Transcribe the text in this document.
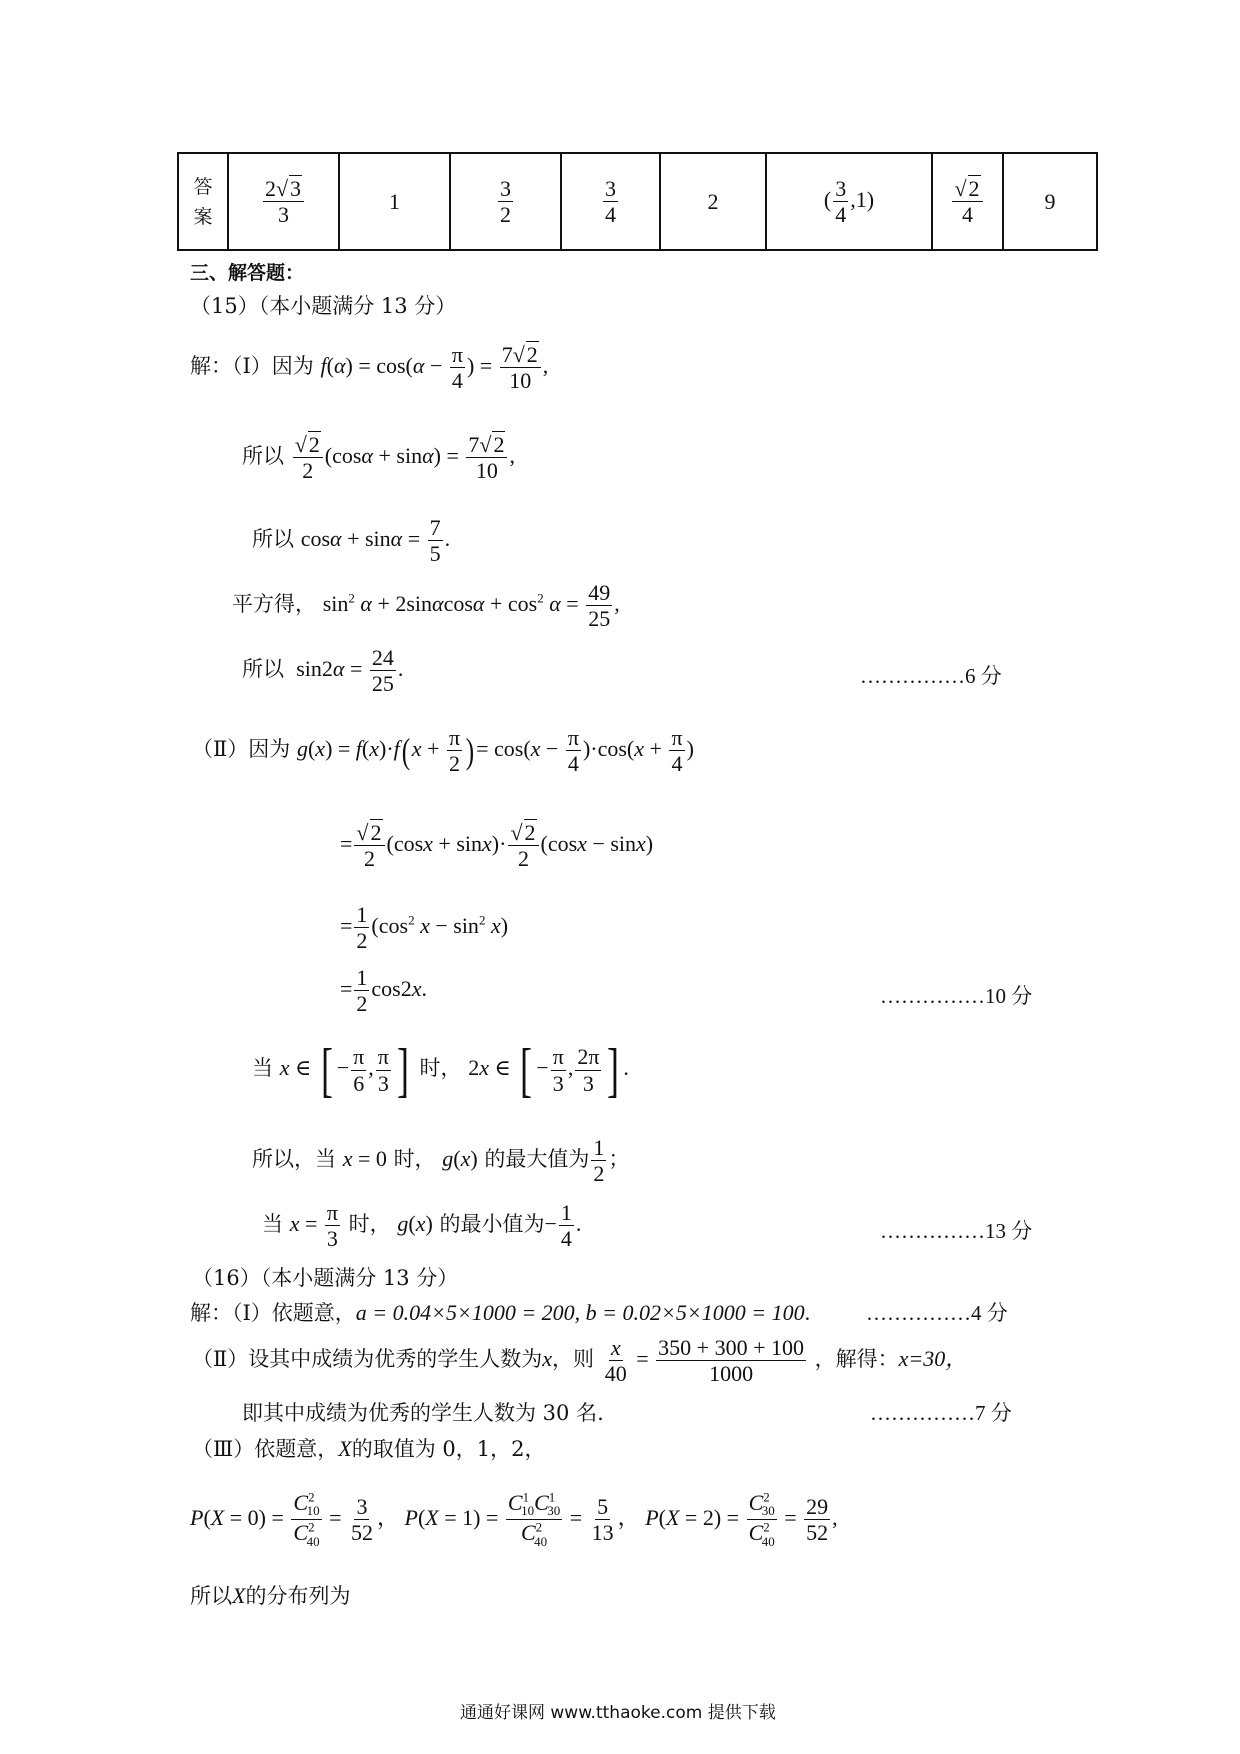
答
案	$\frac{2√3}{3}$	1	$\frac{3}{2}$	$\frac{3}{4}$	2	( $\frac{3}{4} ,1$)	$\frac{√2}{4}$	9
三、解答题：
（15）（本小题满分 13 分）
解：（Ⅰ）因为 $f(\alpha) = \cos(\alpha - \frac{\pi}{4}$ ) = $\frac{7√2}{10}$ ,
所以 $\frac{√2}{2} (\cos\alpha + \sin\alpha) = \frac{7√2}{10}$ ,
所以 $\cos\alpha + \sin\alpha = \frac{7}{5}$ .
平方得， $\sin^2 \alpha + 2\sin\alpha\cos\alpha + \cos^2 \alpha = \frac{49}{25}$ ,
所以  $\sin 2\alpha = \frac{24}{25}$ .	……………6 分
（Ⅱ）因为 $g(x) = f(x)\cdot f(x + \frac{\pi}{2}$ )= $\cos(x - \frac{\pi}{4} )\cdot\cos(x + \frac{\pi}{4}$ )
= $\frac{√2}{2} (\cos x + \sin x)\cdot \frac{√2}{2} (\cos x - \sin x)$
= $\frac{1}{2} (\cos^2$ $x - \sin^2 x$)
= $\frac{1}{2} \cos 2x$.	……………10 分
当 x ∈ [ − $\frac{\pi}{6}$ , $\frac{\pi}{3}$ ] 时， 2x ∈ [ − $\frac{\pi}{3}$ , $\frac{2\pi}{3}$ ] .
所以，当 x = 0 时， g(x) 的最大值为 $\frac{1}{2}$ ；
当 $x = \frac{\pi}{3}$ 时， g(x) 的最小值为− $\frac{1}{4}$ .	……………13 分
（16）（本小题满分 13 分）
解：（Ⅰ）依题意，a = 0.04×5×1000 = 200, b = 0.02×5×1000 = 100.	……………4 分
（Ⅱ）设其中成绩为优秀的学生人数为x，则 $\frac{x}{40} = \frac{350 + 300 + 100}{1000}$ ，解得：x=30，
即其中成绩为优秀的学生人数为 30 名.	……………7 分
（Ⅲ）依题意，X的取值为 0，1，2，
$P(X = 0) = \frac{C^2_{10}}{C^2_{40}} = \frac{3}{52}$ ， $P(X = 1) = \frac{C^1_{10}C^1_{30}}{C^2_{40}} = \frac{5}{13}$ ， $P(X = 2) = \frac{C^2_{30}}{C^2_{40}} = \frac{29}{52}$ ,
所以X的分布列为
通通好课网 www.tthaoke.com 提供下载
